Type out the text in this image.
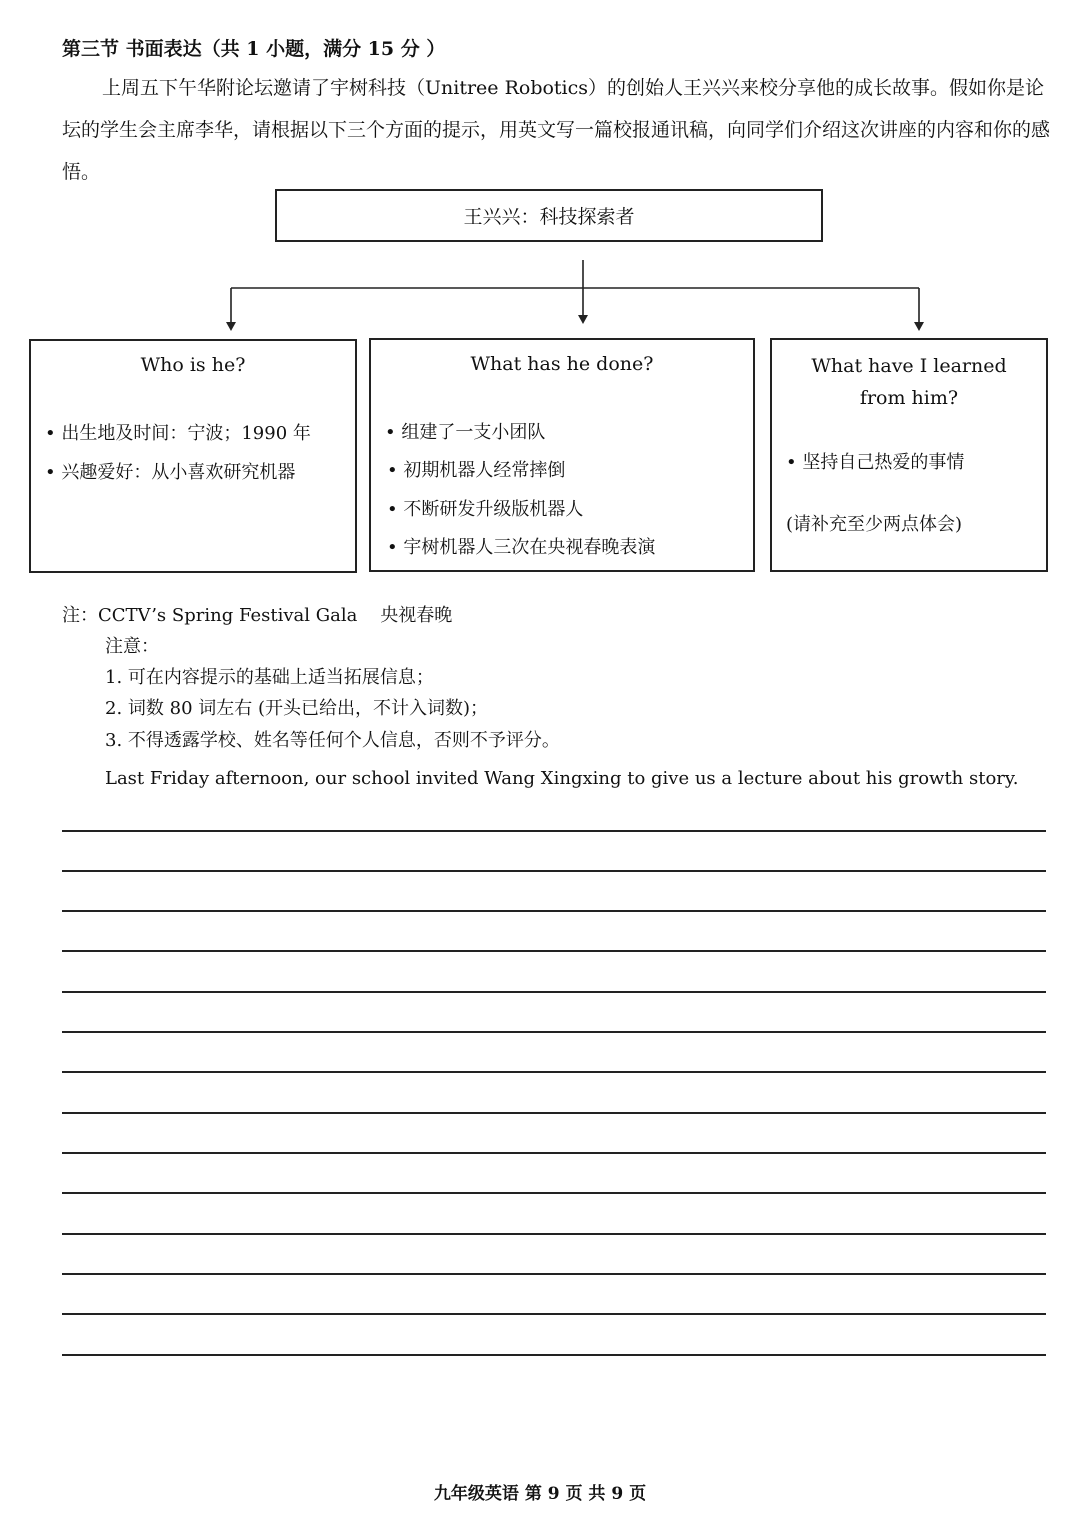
第三节 书面表达（共 1 小题，满分 15 分 ）
上周五下午华附论坛邀请了宇树科技（Unitree Robotics）的创始人王兴兴来校分享他的成长故事。假如你是论坛的学生会主席李华，请根据以下三个方面的提示，用英文写一篇校报通讯稿，向同学们介绍这次讲座的内容和你的感悟。
王兴兴：科技探索者
Who is he?
• 出生地及时间：宁波；1990 年
• 兴趣爱好：从小喜欢研究机器
What has he done?
• 组建了一支小团队
• 初期机器人经常摔倒
• 不断研发升级版机器人
• 宇树机器人三次在央视春晚表演
What have I learned from him?
• 坚持自己热爱的事情
(请补充至少两点体会)
注：CCTV’s Spring Festival Gala 央视春晚
注意：
1. 可在内容提示的基础上适当拓展信息；
2. 词数 80 词左右 (开头已给出，不计入词数)；
3. 不得透露学校、姓名等任何个人信息，否则不予评分。
Last Friday afternoon, our school invited Wang Xingxing to give us a lecture about his growth story.
九年级英语 第 9 页 共 9 页
